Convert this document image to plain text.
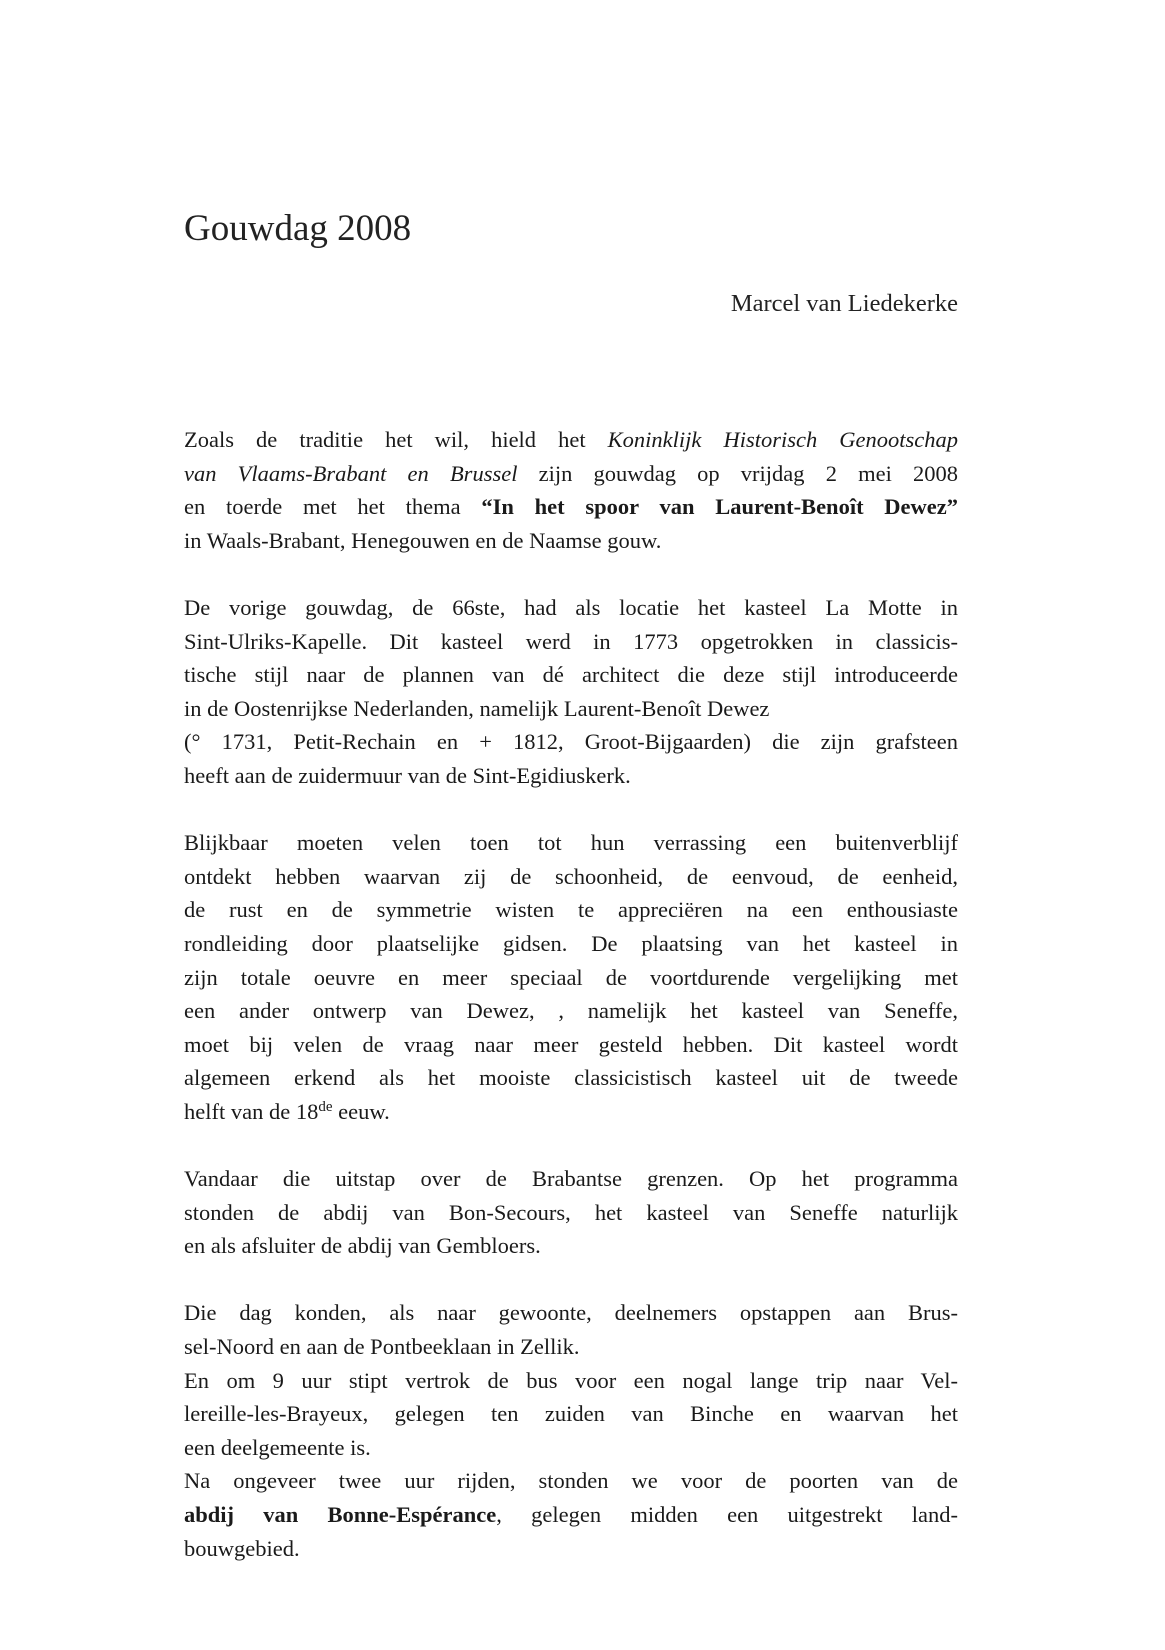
Gouwdag 2008
Marcel van Liedekerke

Zoals de traditie het wil, hield het Koninklijk Historisch Genootschap
van Vlaams-Brabant en Brussel zijn gouwdag op vrijdag 2 mei 2008
en toerde met het thema “In het spoor van Laurent-Benoît Dewez”
in Waals-Brabant, Henegouwen en de Naamse gouw.

De vorige gouwdag, de 66ste, had als locatie het kasteel La Motte in
Sint-Ulriks-Kapelle. Dit kasteel werd in 1773 opgetrokken in classicis-
tische stijl naar de plannen van dé architect die deze stijl introduceerde
in de Oostenrijkse Nederlanden, namelijk Laurent-Benoît Dewez
(° 1731, Petit-Rechain en + 1812, Groot-Bijgaarden) die zijn grafsteen
heeft aan de zuidermuur van de Sint-Egidiuskerk.

Blijkbaar moeten velen toen tot hun verrassing een buitenverblijf
ontdekt hebben waarvan zij de schoonheid, de eenvoud, de eenheid,
de rust en de symmetrie wisten te appreciëren na een enthousiaste
rondleiding door plaatselijke gidsen. De plaatsing van het kasteel in
zijn totale oeuvre en meer speciaal de voortdurende vergelijking met
een ander ontwerp van Dewez, , namelijk het kasteel van Seneffe,
moet bij velen de vraag naar meer gesteld hebben. Dit kasteel wordt
algemeen erkend als het mooiste classicistisch kasteel uit de tweede
helft van de 18de eeuw.

Vandaar die uitstap over de Brabantse grenzen. Op het programma
stonden de abdij van Bon-Secours, het kasteel van Seneffe naturlijk
en als afsluiter de abdij van Gembloers.

Die dag konden, als naar gewoonte, deelnemers opstappen aan Brus-
sel-Noord en aan de Pontbeeklaan in Zellik.
En om 9 uur stipt vertrok de bus voor een nogal lange trip naar Vel-
lereille-les-Brayeux, gelegen ten zuiden van Binche en waarvan het
een deelgemeente is.
Na ongeveer twee uur rijden, stonden we voor de poorten van de
abdij van Bonne-Espérance, gelegen midden een uitgestrekt land-
bouwgebied.
